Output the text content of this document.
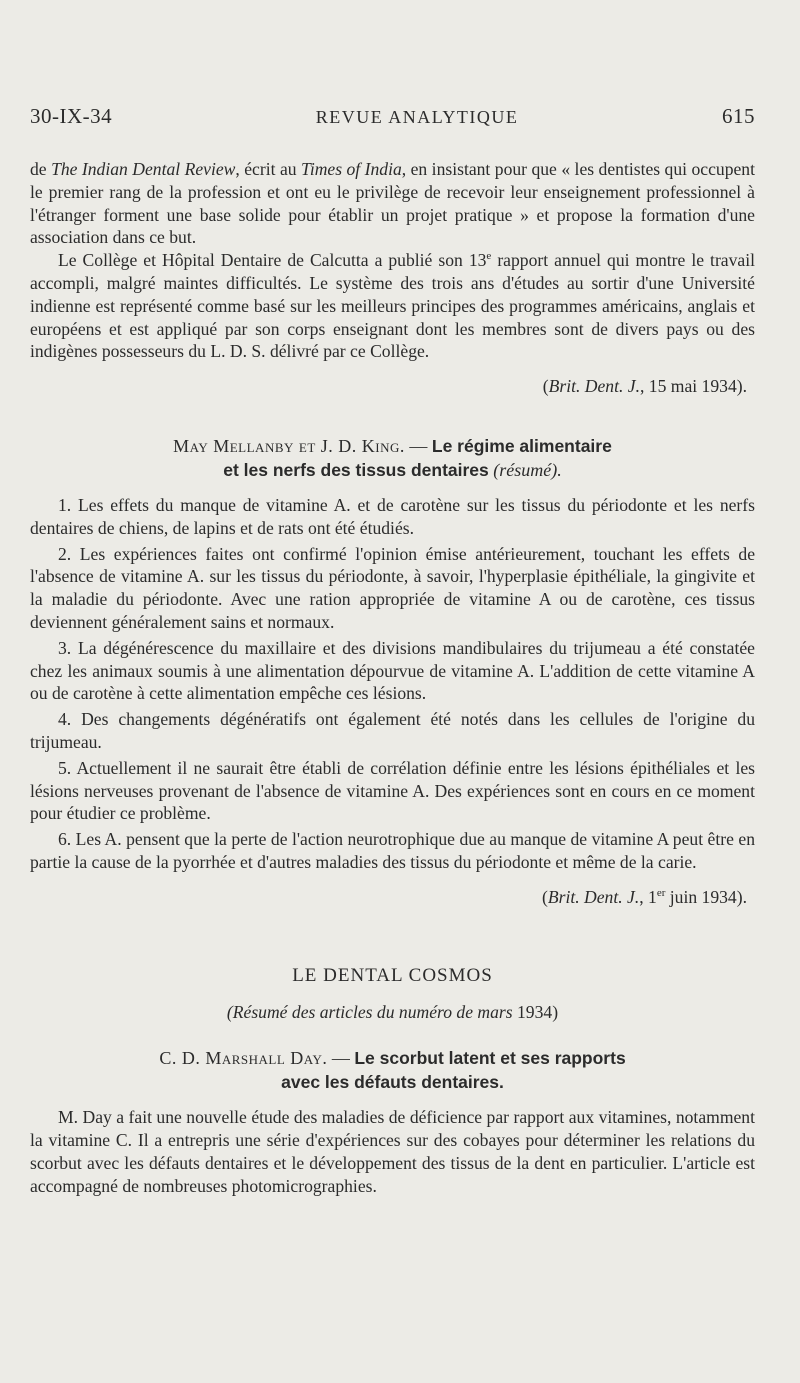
30-IX-34	REVUE ANALYTIQUE	615

de The Indian Dental Review, écrit au Times of India, en insistant pour que « les dentistes qui occupent le premier rang de la profession et ont eu le privilège de recevoir leur enseignement professionnel à l'étranger forment une base solide pour établir un projet pratique » et propose la formation d'une association dans ce but.

Le Collège et Hôpital Dentaire de Calcutta a publié son 13e rapport annuel qui montre le travail accompli, malgré maintes difficultés. Le système des trois ans d'études au sortir d'une Université indienne est représenté comme basé sur les meilleurs principes des programmes américains, anglais et européens et est appliqué par son corps enseignant dont les membres sont de divers pays ou des indigènes possesseurs du L. D. S. délivré par ce Collège.

(Brit. Dent. J., 15 mai 1934).
May Mellanby et J. D. King. — Le régime alimentaire
et les nerfs des tissus dentaires (résumé).

1. Les effets du manque de vitamine A. et de carotène sur les tissus du périodonte et les nerfs dentaires de chiens, de lapins et de rats ont été étudiés.

2. Les expériences faites ont confirmé l'opinion émise antérieurement, touchant les effets de l'absence de vitamine A. sur les tissus du périodonte, à savoir, l'hyperplasie épithéliale, la gingivite et la maladie du périodonte. Avec une ration appropriée de vitamine A ou de carotène, ces tissus deviennent généralement sains et normaux.

3. La dégénérescence du maxillaire et des divisions mandibulaires du trijumeau a été constatée chez les animaux soumis à une alimentation dépourvue de vitamine A. L'addition de cette vitamine A ou de carotène à cette alimentation empêche ces lésions.

4. Des changements dégénératifs ont également été notés dans les cellules de l'origine du trijumeau.

5. Actuellement il ne saurait être établi de corrélation définie entre les lésions épithéliales et les lésions nerveuses provenant de l'absence de vitamine A. Des expériences sont en cours en ce moment pour étudier ce problème.

6. Les A. pensent que la perte de l'action neurotrophique due au manque de vitamine A peut être en partie la cause de la pyorrhée et d'autres maladies des tissus du périodonte et même de la carie.

(Brit. Dent. J., 1er juin 1934).
LE DENTAL COSMOS
(Résumé des articles du numéro de mars 1934)
C. D. Marshall Day. — Le scorbut latent et ses rapports
avec les défauts dentaires.

M. Day a fait une nouvelle étude des maladies de déficience par rapport aux vitamines, notamment la vitamine C. Il a entrepris une série d'expériences sur des cobayes pour déterminer les relations du scorbut avec les défauts dentaires et le développement des tissus de la dent en particulier. L'article est accompagné de nombreuses photomicrographies.
